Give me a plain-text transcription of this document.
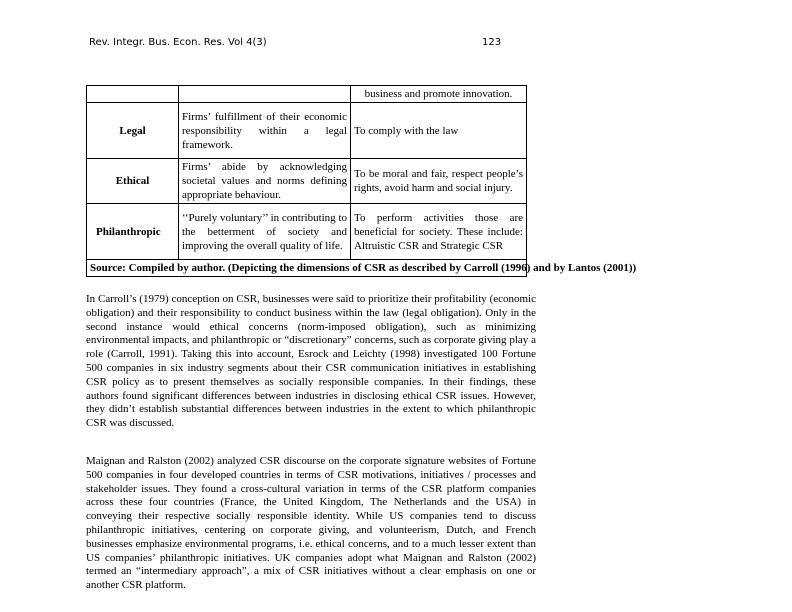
Rev. Integr. Bus. Econ. Res. Vol 4(3)	123
		business and promote innovation.
Legal	Firms’ fulfillment of their economic responsibility within a legal framework.	To comply with the law
Ethical	Firms’ abide by acknowledging societal values and norms defining appropriate behaviour.	To be moral and fair, respect people’s rights, avoid harm and social injury.
Philanthropic	‘‘Purely voluntary’’ in contributing to the betterment of society and improving the overall quality of life.	To perform activities those are beneficial for society. These include: Altruistic CSR and Strategic CSR

Source: Compiled by author. (Depicting the dimensions of CSR as described by Carroll (1996) and by Lantos (2001))		

In Carroll’s (1979) conception on CSR, businesses were said to prioritize their profitability (economic obligation) and their responsibility to conduct business within the law (legal obligation). Only in the second instance would ethical concerns (norm-imposed obligation), such as minimizing environmental impacts, and philanthropic or “discretionary” concerns, such as corporate giving play a role (Carroll, 1991). Taking this into account, Esrock and Leichty (1998) investigated 100 Fortune 500 companies in six industry segments about their CSR communication initiatives in establishing CSR policy as to present themselves as socially responsible companies. In their findings, these authors found significant differences between industries in disclosing ethical CSR issues. However, they didn’t establish substantial differences between industries in the extent to which philanthropic CSR was discussed.

Maignan and Ralston (2002) analyzed CSR discourse on the corporate signature websites of Fortune 500 companies in four developed countries in terms of CSR motivations, initiatives / processes and stakeholder issues. They found a cross-cultural variation in terms of the CSR platform companies across these four countries (France, the United Kingdom, The Netherlands and the USA) in conveying their respective socially responsible identity. While US companies tend to discuss philanthropic initiatives, centering on corporate giving, and volunteerism, Dutch, and French businesses emphasize environmental programs, i.e. ethical concerns, and to a much lesser extent than US companies’ philanthropic initiatives. UK companies adopt what Maignan and Ralston (2002) termed an “intermediary approach”, a mix of CSR initiatives without a clear emphasis on one or another CSR platform.
